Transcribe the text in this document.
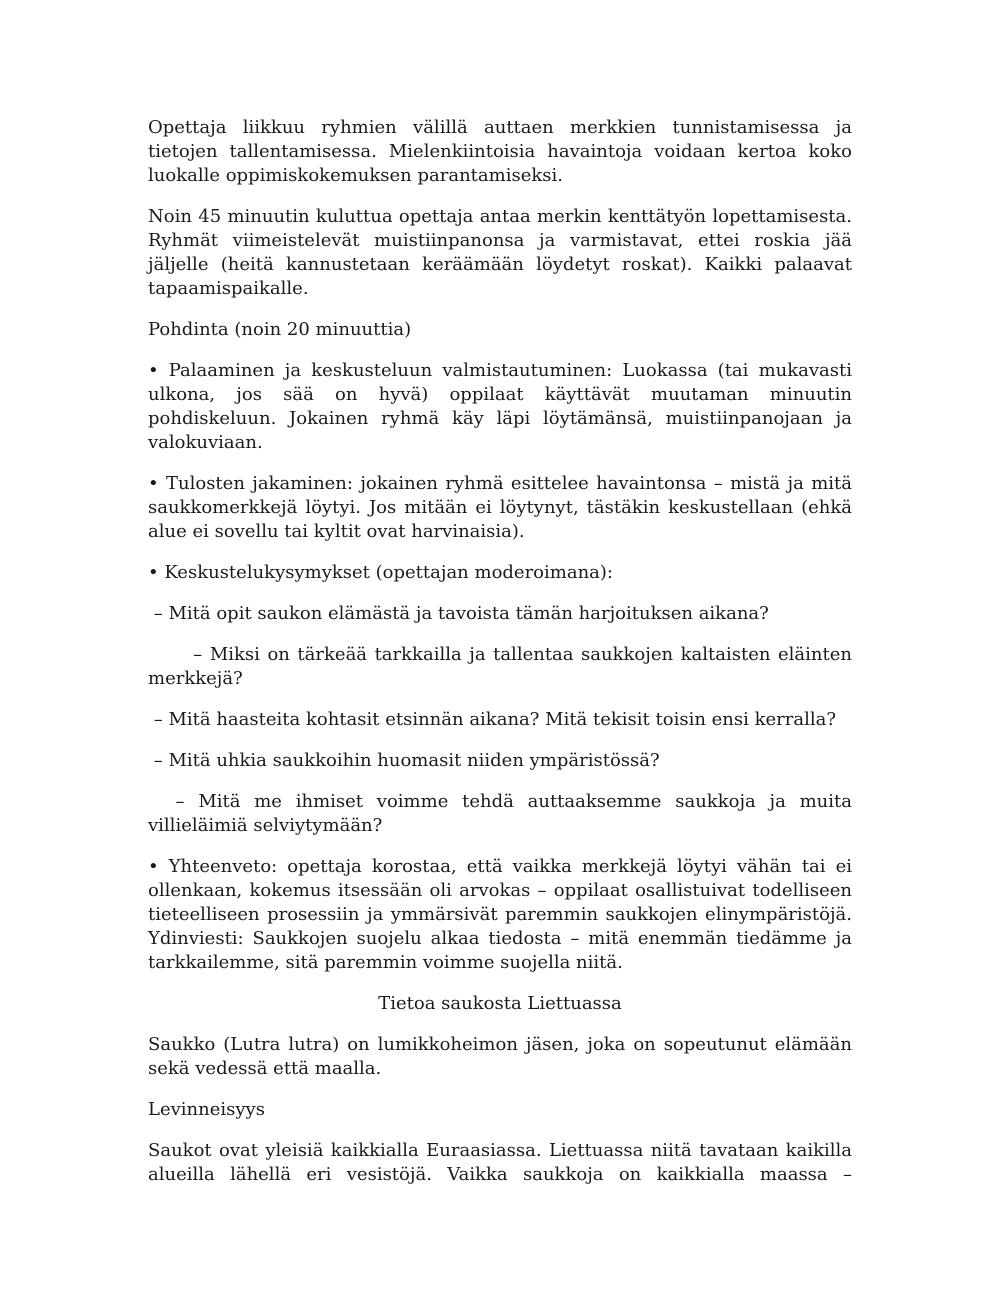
Opettaja liikkuu ryhmien välillä auttaen merkkien tunnistamisessa ja tietojen tallentamisessa. Mielenkiintoisia havaintoja voidaan kertoa koko luokalle oppimiskokemuksen parantamiseksi.

Noin 45 minuutin kuluttua opettaja antaa merkin kenttätyön lopettamisesta. Ryhmät viimeistelevät muistiinpanonsa ja varmistavat, ettei roskia jää jäljelle (heitä kannustetaan keräämään löydetyt roskat). Kaikki palaavat tapaamispaikalle.

Pohdinta (noin 20 minuuttia)

• Palaaminen ja keskusteluun valmistautuminen: Luokassa (tai mukavasti ulkona, jos sää on hyvä) oppilaat käyttävät muutaman minuutin pohdiskeluun. Jokainen ryhmä käy läpi löytämänsä, muistiinpanojaan ja valokuviaan.

• Tulosten jakaminen: jokainen ryhmä esittelee havaintonsa – mistä ja mitä saukkomerkkejä löytyi. Jos mitään ei löytynyt, tästäkin keskustellaan (ehkä alue ei sovellu tai kyltit ovat harvinaisia).

• Keskustelukysymykset (opettajan moderoimana):

– Mitä opit saukon elämästä ja tavoista tämän harjoituksen aikana?

– Miksi on tärkeää tarkkailla ja tallentaa saukkojen kaltaisten eläinten merkkejä?

– Mitä haasteita kohtasit etsinnän aikana? Mitä tekisit toisin ensi kerralla?

– Mitä uhkia saukkoihin huomasit niiden ympäristössä?

– Mitä me ihmiset voimme tehdä auttaaksemme saukkoja ja muita villieläimiä selviytymään?

• Yhteenveto: opettaja korostaa, että vaikka merkkejä löytyi vähän tai ei ollenkaan, kokemus itsessään oli arvokas – oppilaat osallistuivat todelliseen tieteelliseen prosessiin ja ymmärsivät paremmin saukkojen elinympäristöjä. Ydinviesti: Saukkojen suojelu alkaa tiedosta – mitä enemmän tiedämme ja tarkkailemme, sitä paremmin voimme suojella niitä.

Tietoa saukosta Liettuassa

Saukko (Lutra lutra) on lumikkoheimon jäsen, joka on sopeutunut elämään sekä vedessä että maalla.

Levinneisyys

Saukot ovat yleisiä kaikkialla Euraasiassa. Liettuassa niitä tavataan kaikilla alueilla lähellä eri vesistöjä. Vaikka saukkoja on kaikkialla maassa –
